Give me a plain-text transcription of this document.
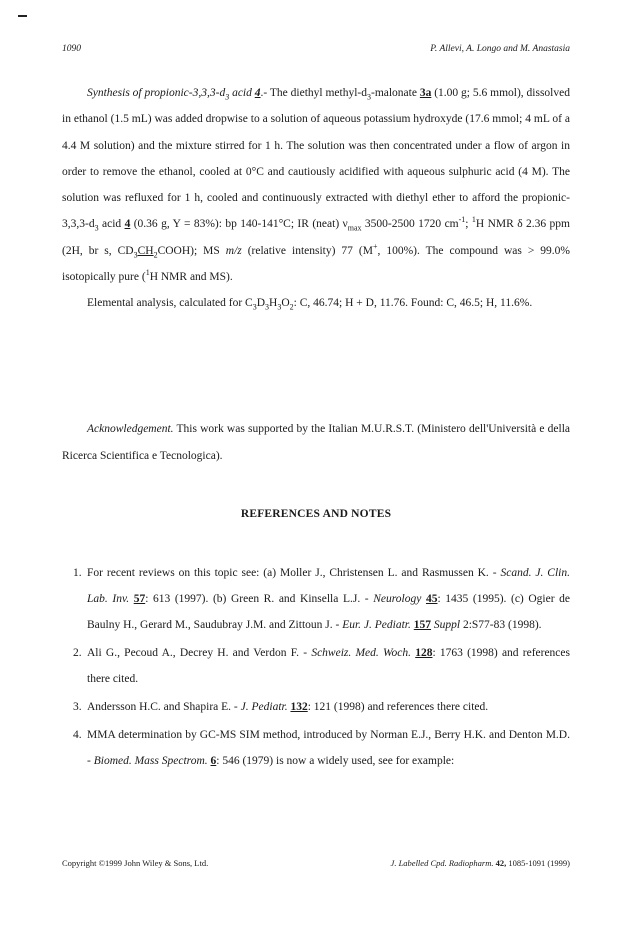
1090	P. Allevi, A. Longo and M. Anastasia

Synthesis of propionic-$3,3,3-d_3$ acid 4.- The diethyl methyl-$d_3$-malonate 3a (1.00 g; 5.6 mmol), dissolved in ethanol (1.5 mL) was added dropwise to a solution of aqueous potassium hydroxyde (17.6 mmol; 4 mL of a 4.4 M solution) and the mixture stirred for 1 h. The solution was then concentrated under a flow of argon in order to remove the ethanol, cooled at 0°C and cautiously acidified with aqueous sulphuric acid (4 M). The solution was refluxed for 1 h, cooled and continuously extracted with diethyl ether to afford the propionic-$3,3,3-d_3$ acid 4 (0.36 g, Y = 83%): bp 140-141°C; IR (neat) $\nu_{max}$ 3500-2500 1720 $cm^{-1}$; $^1$H NMR δ 2.36 ppm (2H, br s, $CD_3CH_2COOH$); MS m/z (relative intensity) 77 (M+, 100%). The compound was > 99.0% isotopically pure ($^1$H NMR and MS).

Elemental analysis, calculated for $C_3D_3H_3O_2$: C, 46.74; H + D, 11.76. Found: C, 46.5; H, 11.6%.

Acknowledgement. This work was supported by the Italian M.U.R.S.T. (Ministero dell'Università e della Ricerca Scientifica e Tecnologica).

REFERENCES AND NOTES
1. For recent reviews on this topic see: (a) Moller J., Christensen L. and Rasmussen K. - Scand. J. Clin. Lab. Inv. 57: 613 (1997). (b) Green R. and Kinsella L.J. - Neurology 45: 1435 (1995). (c) Ogier de Baulny H., Gerard M., Saudubray J.M. and Zittoun J. - Eur. J. Pediatr. 157 Suppl 2:S77-83 (1998).
2. Ali G., Pecoud A., Decrey H. and Verdon F. - Schweiz. Med. Woch. 128: 1763 (1998) and references there cited.
3. Andersson H.C. and Shapira E. - J. Pediatr. 132: 121 (1998) and references there cited.
4. MMA determination by GC-MS SIM method, introduced by Norman E.J., Berry H.K. and Denton M.D. - Biomed. Mass Spectrom. 6: 546 (1979) is now a widely used, see for example:
Copyright ©1999 John Wiley & Sons, Ltd.	J. Labelled Cpd. Radiopharm. 42, 1085-1091 (1999)
